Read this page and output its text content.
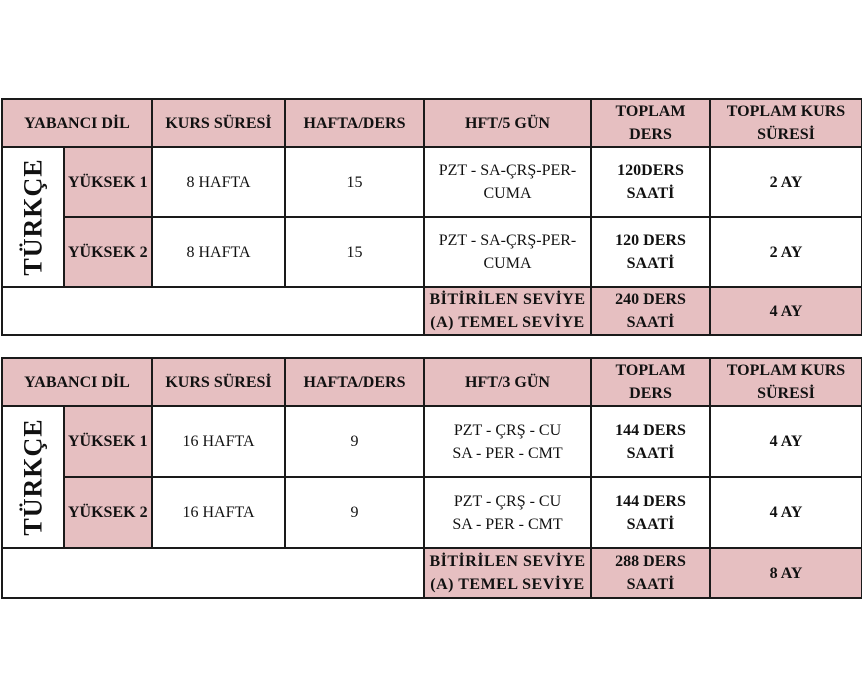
YABANCI DİL		KURS SÜRESİ	HAFTA/DERS	HFT/5 GÜN	TOPLAM DERS	TOPLAM KURS SÜRESİ

TÜRKÇE	YÜKSEK 1	8 HAFTA	15	PZT - SA-ÇRŞ-PER-CUMA	120DERS SAATİ	2 AY
	YÜKSEK 2	8 HAFTA	15	PZT - SA-ÇRŞ-PER-CUMA	120 DERS SAATİ	2 AY

				BİTİRİLEN SEVİYE
(A) TEMEL SEVİYE	240 DERS SAATİ	4 AY
YABANCI DİL		KURS SÜRESİ	HAFTA/DERS	HFT/3 GÜN	TOPLAM DERS	TOPLAM KURS SÜRESİ

TÜRKÇE	YÜKSEK 1	16 HAFTA	9	PZT - ÇRŞ - CU
SA - PER - CMT	144 DERS SAATİ	4 AY
	YÜKSEK 2	16 HAFTA	9	PZT - ÇRŞ - CU
SA - PER - CMT	144 DERS SAATİ	4 AY

				BİTİRİLEN SEVİYE
(A) TEMEL SEVİYE	288 DERS SAATİ	8 AY
